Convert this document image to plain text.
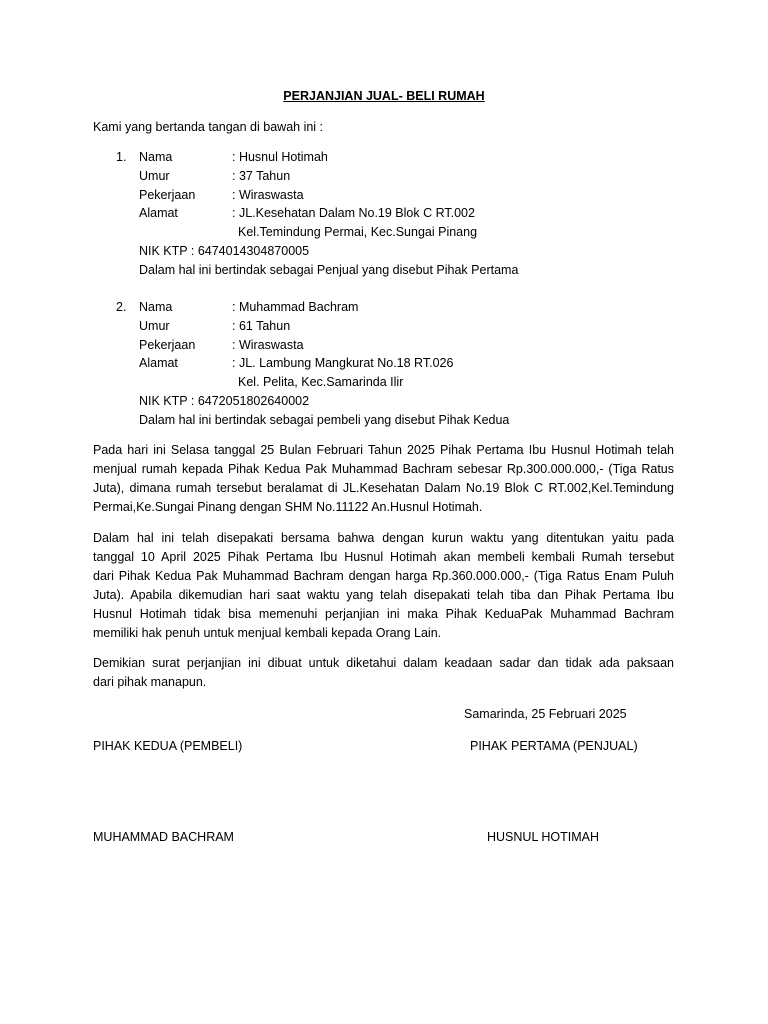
PERJANJIAN JUAL- BELI RUMAH
Kami yang bertanda tangan di bawah ini :
1.	Nama	: Husnul Hotimah
Umur	: 37 Tahun
Pekerjaan	: Wiraswasta
Alamat	: JL.Kesehatan Dalam No.19 Blok C RT.002
Kel.Temindung Permai, Kec.Sungai Pinang
NIK KTP : 6474014304870005
Dalam hal ini bertindak sebagai Penjual yang disebut Pihak Pertama
2.	Nama	: Muhammad Bachram
Umur	: 61 Tahun
Pekerjaan	: Wiraswasta
Alamat	: JL. Lambung Mangkurat No.18 RT.026
Kel. Pelita, Kec.Samarinda Ilir
NIK KTP : 6472051802640002
Dalam hal ini bertindak sebagai pembeli yang disebut Pihak Kedua
Pada hari ini Selasa tanggal 25 Bulan Februari Tahun 2025 Pihak Pertama Ibu Husnul Hotimah telah
menjual rumah kepada Pihak Kedua Pak Muhammad Bachram sebesar Rp.300.000.000,- (Tiga Ratus
Juta), dimana rumah tersebut beralamat di JL.Kesehatan Dalam No.19 Blok C RT.002,Kel.Temindung
Permai,Ke.Sungai Pinang dengan SHM No.11122 An.Husnul Hotimah.
Dalam hal ini telah disepakati bersama bahwa dengan kurun waktu yang ditentukan yaitu pada
tanggal 10 April 2025 Pihak Pertama Ibu Husnul Hotimah akan membeli kembali Rumah tersebut
dari Pihak Kedua Pak Muhammad Bachram dengan harga Rp.360.000.000,- (Tiga Ratus Enam Puluh
Juta). Apabila dikemudian hari saat waktu yang telah disepakati telah tiba dan Pihak Pertama Ibu
Husnul Hotimah tidak bisa memenuhi perjanjian ini maka Pihak KeduaPak Muhammad Bachram
memiliki hak penuh untuk menjual kembali kepada Orang Lain.
Demikian surat perjanjian ini dibuat untuk diketahui dalam keadaan sadar dan tidak ada paksaan
dari pihak manapun.
Samarinda, 25 Februari 2025
PIHAK KEDUA (PEMBELI)	PIHAK PERTAMA (PENJUAL)
MUHAMMAD BACHRAM	HUSNUL HOTIMAH
